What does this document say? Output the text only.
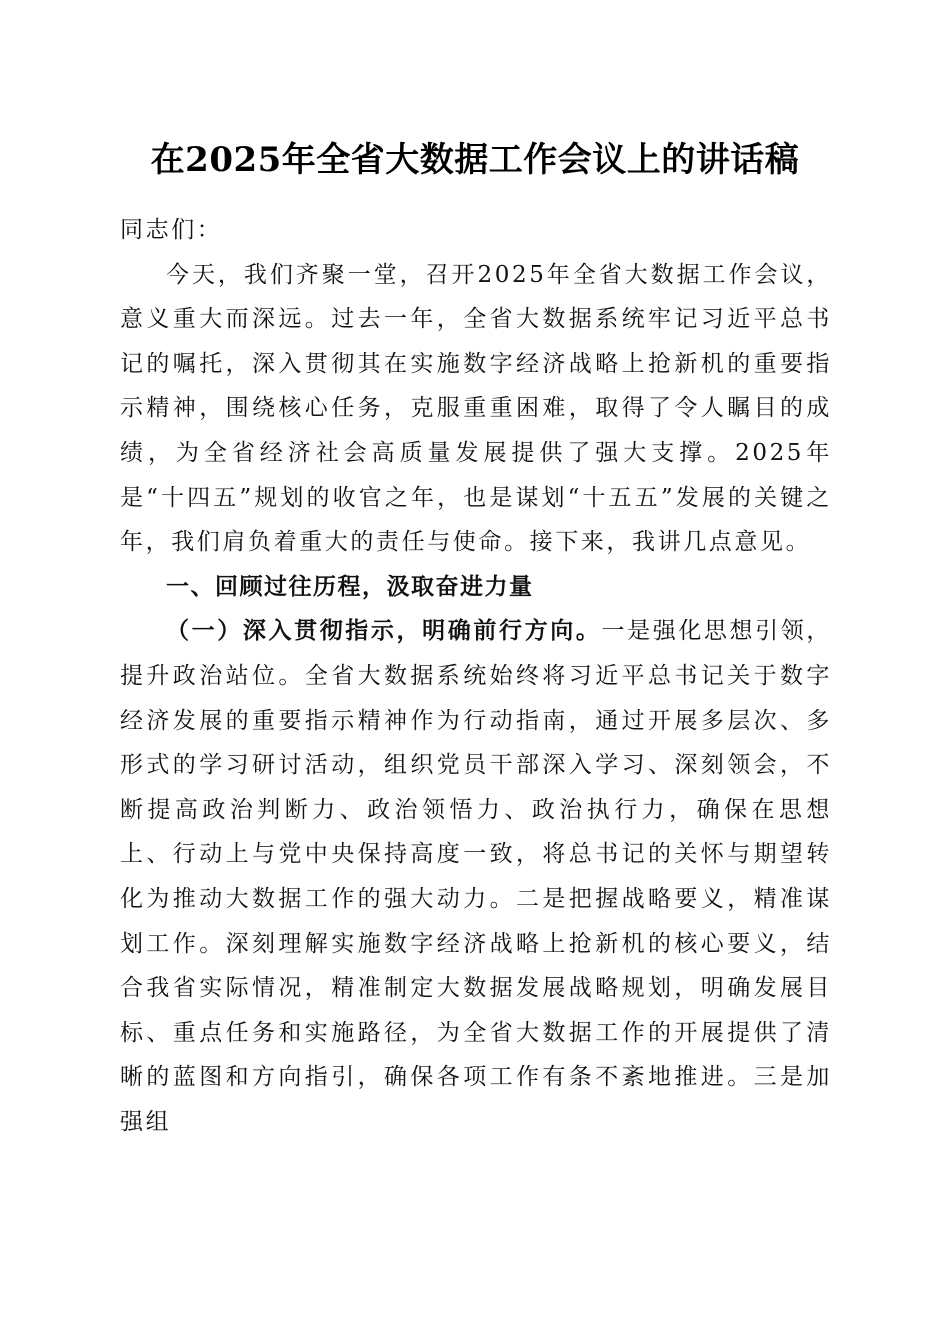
在2025年全省大数据工作会议上的讲话稿

同志们：

今天，我们齐聚一堂，召开2025年全省大数据工作会议，意义重大而深远。过去一年，全省大数据系统牢记习近平总书记的嘱托，深入贯彻其在实施数字经济战略上抢新机的重要指示精神，围绕核心任务，克服重重困难，取得了令人瞩目的成绩，为全省经济社会高质量发展提供了强大支撑。2025年是“十四五”规划的收官之年，也是谋划“十五五”发展的关键之年，我们肩负着重大的责任与使命。接下来，我讲几点意见。

一、回顾过往历程，汲取奋进力量

（一）深入贯彻指示，明确前行方向。一是强化思想引领，提升政治站位。全省大数据系统始终将习近平总书记关于数字经济发展的重要指示精神作为行动指南，通过开展多层次、多形式的学习研讨活动，组织党员干部深入学习、深刻领会，不断提高政治判断力、政治领悟力、政治执行力，确保在思想上、行动上与党中央保持高度一致，将总书记的关怀与期望转化为推动大数据工作的强大动力。二是把握战略要义，精准谋划工作。深刻理解实施数字经济战略上抢新机的核心要义，结合我省实际情况，精准制定大数据发展战略规划，明确发展目标、重点任务和实施路径，为全省大数据工作的开展提供了清晰的蓝图和方向指引，确保各项工作有条不紊地推进。三是加强组
